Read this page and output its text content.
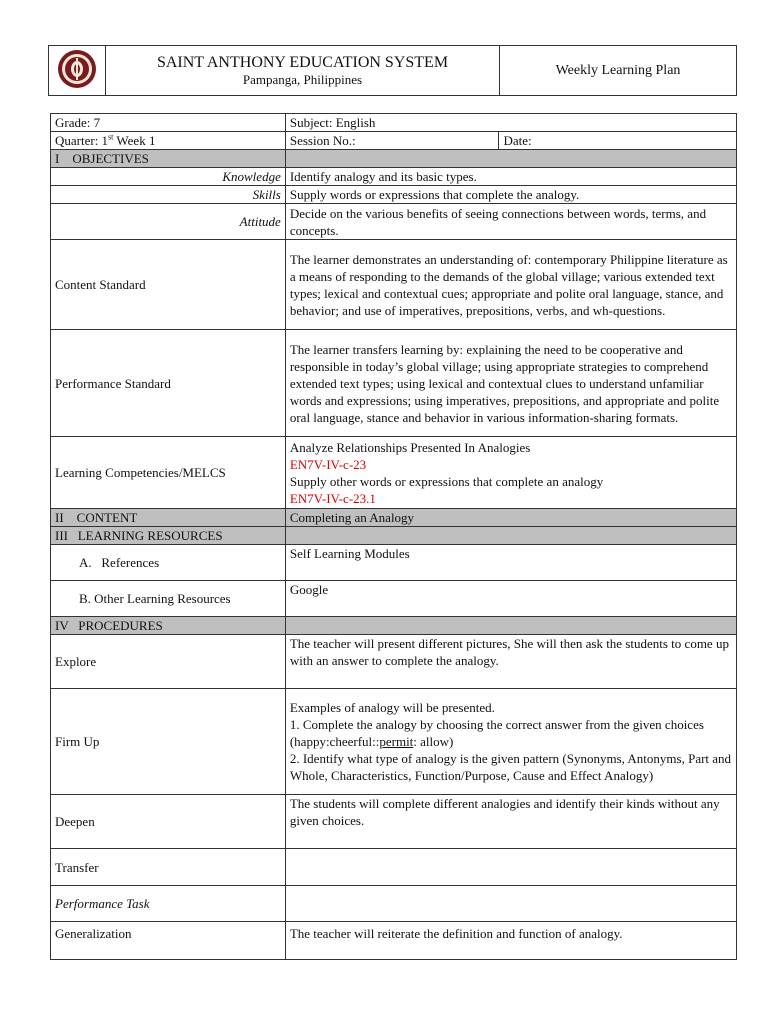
SAINT ANTHONY EDUCATION SYSTEM
Pampanga, Philippines
	Weekly Learning Plan
Grade: 7	Subject: English	
Quarter: 1st Week 1	Session No.:	Date:
I    OBJECTIVES		
Knowledge	Identify analogy and its basic types.	
Skills	Supply words or expressions that complete the analogy.	
Attitude	Decide on the various benefits of seeing connections between words, terms, and concepts.	
Content Standard	The learner demonstrates an understanding of: contemporary Philippine literature as a means of responding to the demands of the global village; various extended text types; lexical and contextual cues; appropriate and polite oral language, stance, and behavior; and use of imperatives, prepositions, verbs, and wh-questions.	
Performance Standard	The learner transfers learning by: explaining the need to be cooperative and responsible in today’s global village; using appropriate strategies to comprehend extended text types; using lexical and contextual clues to understand unfamiliar words and expressions; using imperatives, prepositions, and appropriate and polite oral language, stance and behavior in various information-sharing formats.	
Learning Competencies/MELCS	Analyze Relationships Presented In Analogies
EN7V-IV-c-23
Supply other words or expressions that complete an analogy
EN7V-IV-c-23.1	

II    CONTENT	Completing an Analogy	
III   LEARNING RESOURCES		
A.   References	Self Learning Modules	
B. Other Learning Resources	Google	
IV   PROCEDURES		
Explore	The teacher will present different pictures, She will then ask the students to come up with an answer to complete the analogy.	
Firm Up	Examples of analogy will be presented.
1. Complete the analogy by choosing the correct answer from the given choices (happy:cheerful::permit: allow)
2. Identify what type of analogy is the given pattern (Synonyms, Antonyms, Part and Whole, Characteristics, Function/Purpose, Cause and Effect Analogy)	

Deepen	The students will complete different analogies and identify their kinds without any given choices.	
Transfer		
Performance Task		
Generalization	The teacher will reiterate the definition and function of analogy.	
